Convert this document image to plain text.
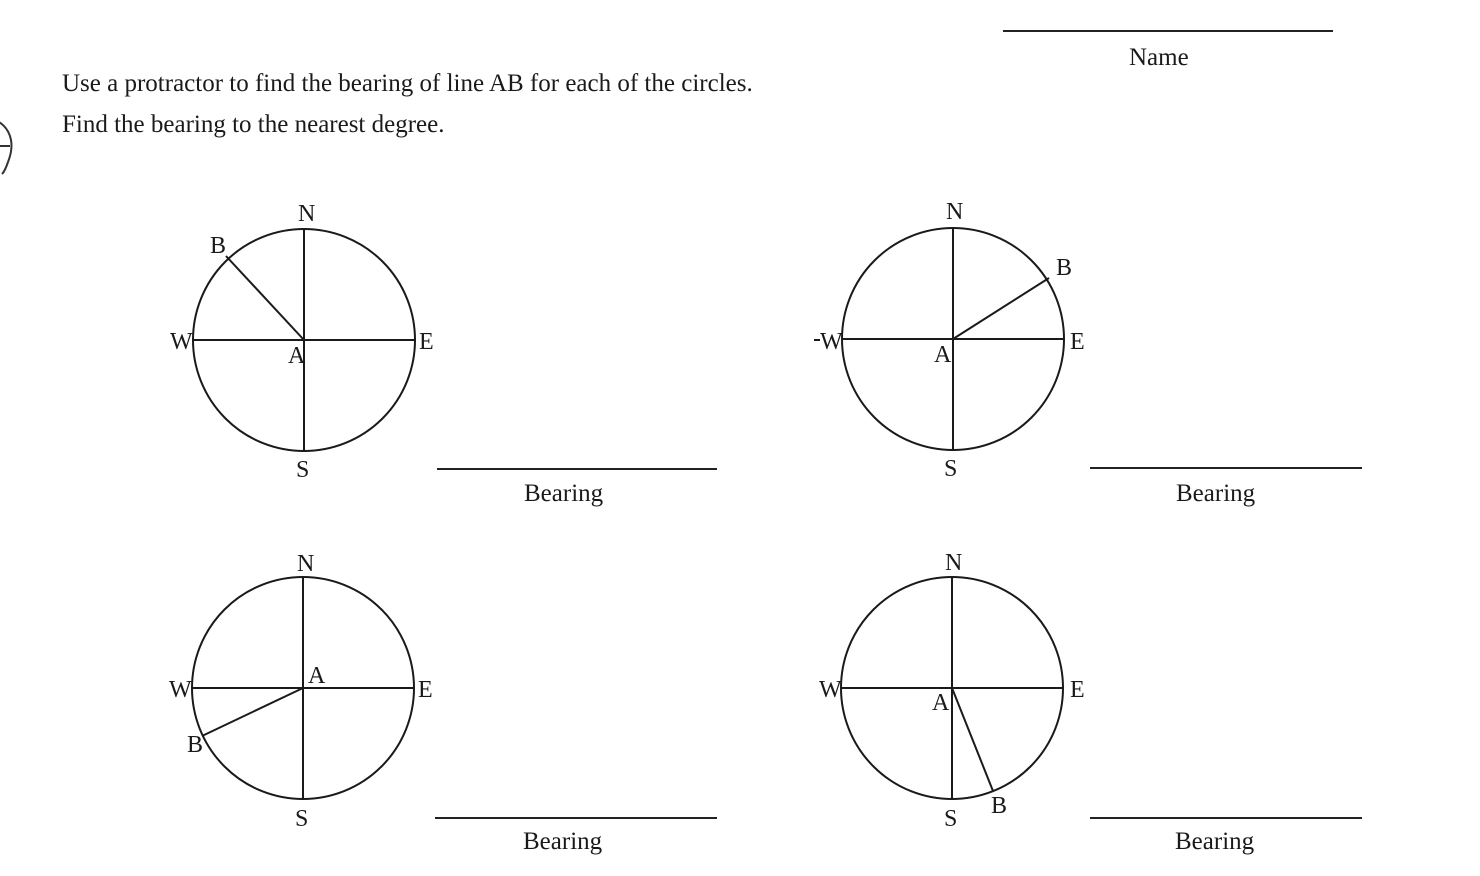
Name
Use a protractor to find the bearing of line AB for each of the circles.
Find the bearing to the nearest degree.
Bearing	Bearing
Bearing	Bearing
N
S
E
W
A
B
N
S
E
W	A
B
N
S
E
W
A
B
N
S
E
W	A
B
